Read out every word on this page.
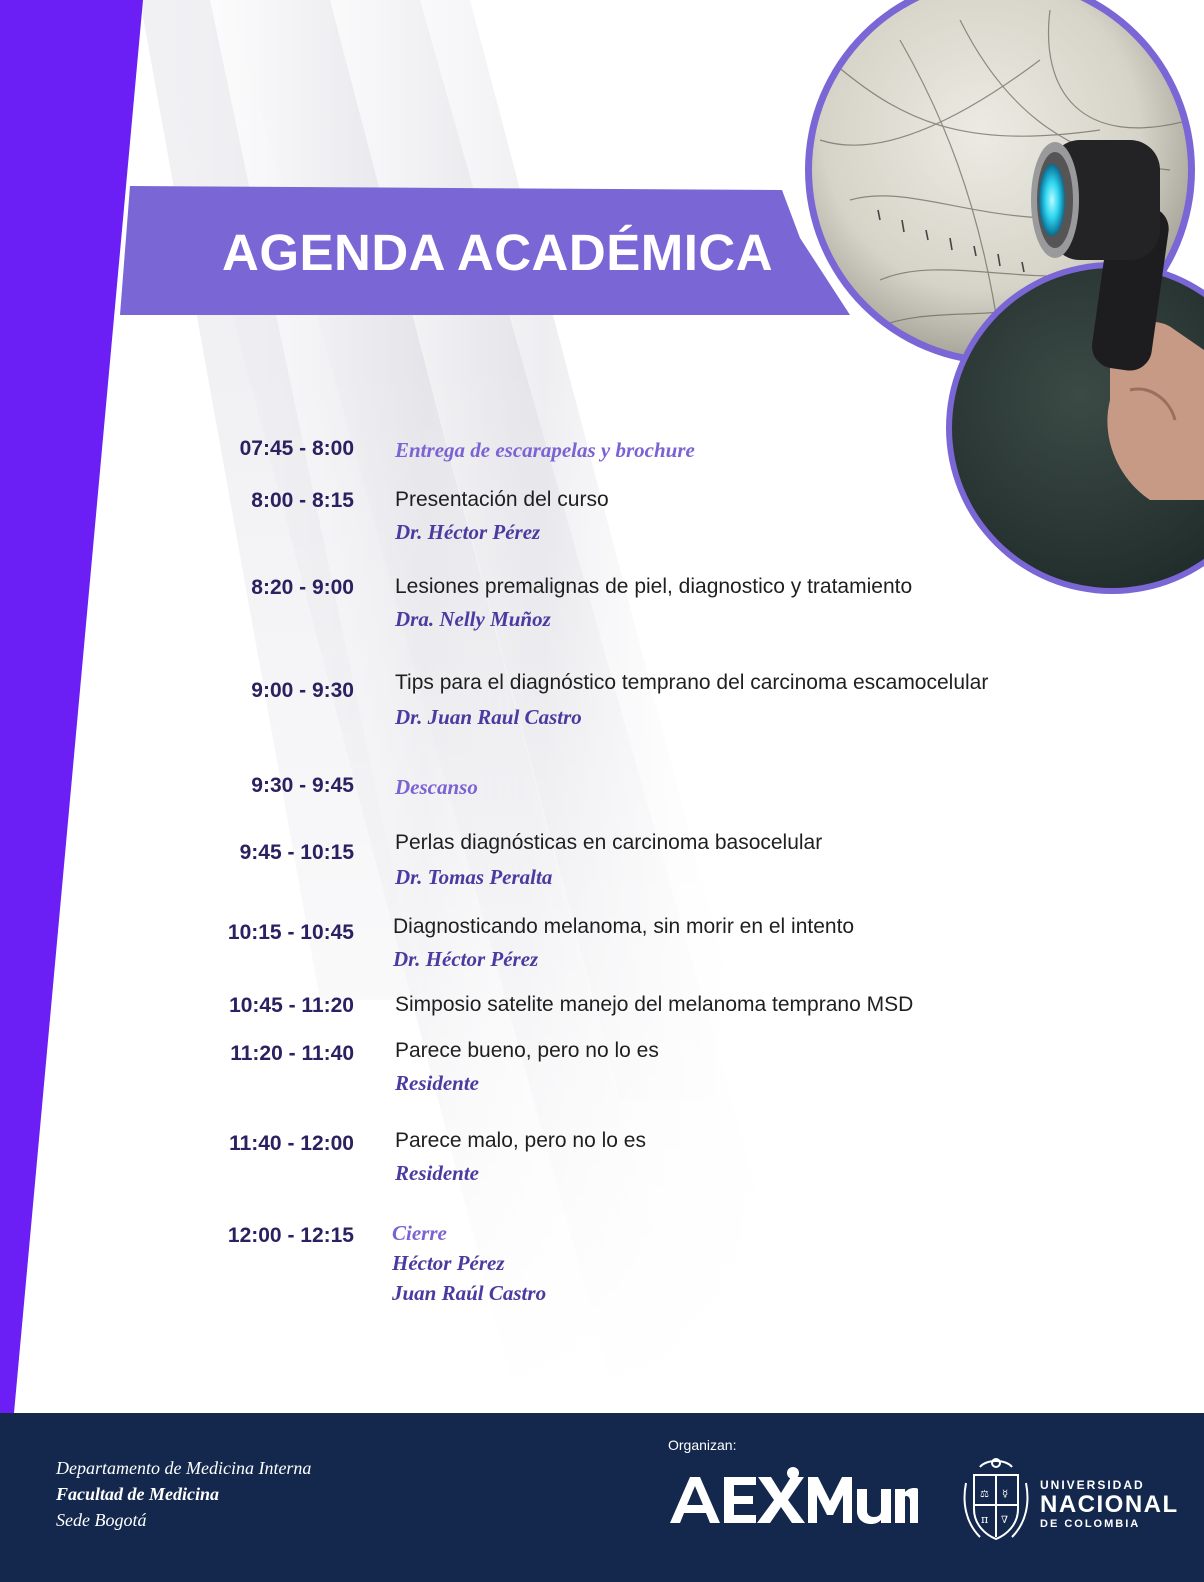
AGENDA ACADÉMICA
07:45 - 8:00 Entrega de escarapelas y brochure
8:00 - 8:15 Presentación del curso
Dr. Héctor Pérez
8:20 - 9:00 Lesiones premalignas de piel, diagnostico y tratamiento
Dra. Nelly Muñoz
9:00 - 9:30 Tips para el diagnóstico temprano del carcinoma escamocelular
Dr. Juan Raul Castro
9:30 - 9:45 Descanso
9:45 - 10:15 Perlas diagnósticas en carcinoma basocelular
Dr. Tomas Peralta
10:15 - 10:45 Diagnosticando melanoma, sin morir en el intento
Dr. Héctor Pérez
10:45 - 11:20 Simposio satelite manejo del melanoma temprano MSD
11:20 - 11:40 Parece bueno, pero no lo es
Residente
11:40 - 12:00 Parece malo, pero no lo es
Residente
12:00 - 12:15 Cierre
Héctor Pérez
Juan Raúl Castro
Departamento de Medicina Interna
Facultad de Medicina
Sede Bogotá
Organizan:
⚖ ☿
π ∇
UNIVERSIDAD
NACIONAL
DE COLOMBIA
